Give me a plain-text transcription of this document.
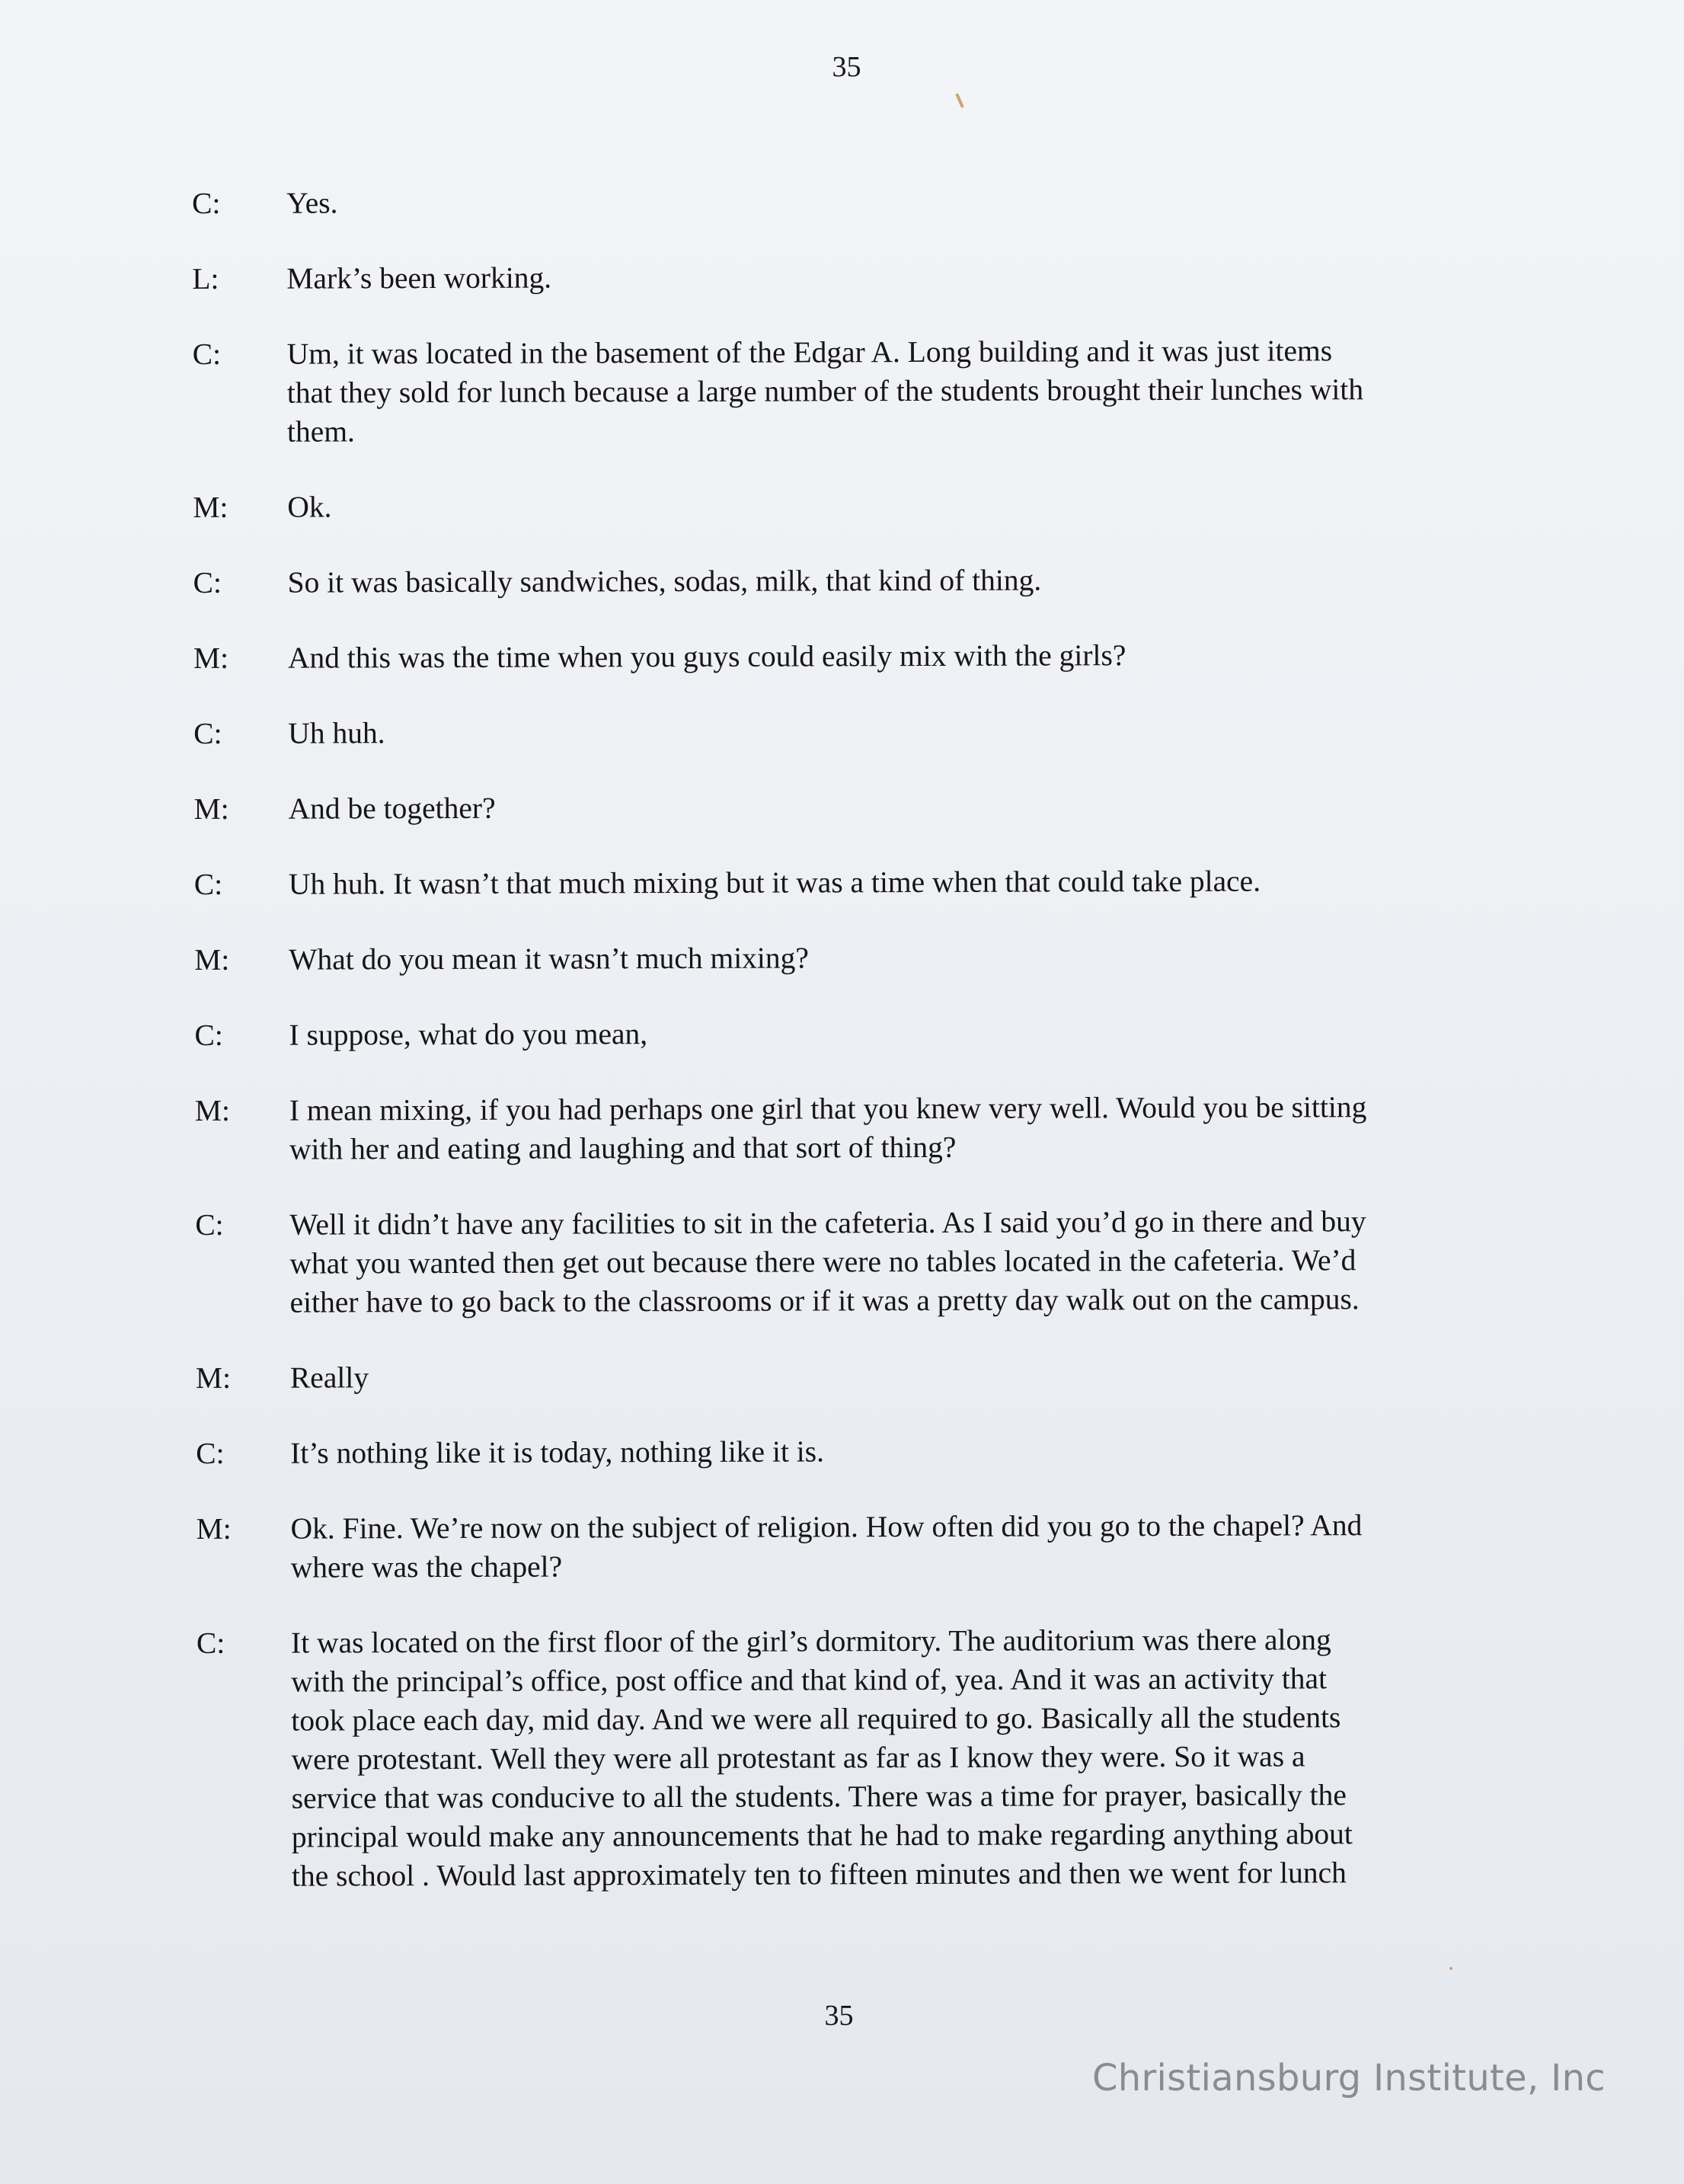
35
C:	Yes.
L:	Mark’s been working.
C:	Um, it was located in the basement of the Edgar A. Long building and it was just items
that they sold for lunch because a large number of the students brought their lunches with
them.
M:	Ok.
C:	So it was basically sandwiches, sodas, milk, that kind of thing.
M:	And this was the time when you guys could easily mix with the girls?
C:	Uh huh.
M:	And be together?
C:	Uh huh. It wasn’t that much mixing but it was a time when that could take place.
M:	What do you mean it wasn’t much mixing?
C:	I suppose, what do you mean,
M:	I mean mixing, if you had perhaps one girl that you knew very well. Would you be sitting
with her and eating and laughing and that sort of thing?
C:	Well it didn’t have any facilities to sit in the cafeteria. As I said you’d go in there and buy
what you wanted then get out because there were no tables located in the cafeteria. We’d
either have to go back to the classrooms or if it was a pretty day walk out on the campus.
M:	Really
C:	It’s nothing like it is today, nothing like it is.
M:	Ok. Fine. We’re now on the subject of religion. How often did you go to the chapel? And
where was the chapel?
C:	It was located on the first floor of the girl’s dormitory. The auditorium was there along
with the principal’s office, post office and that kind of, yea. And it was an activity that
took place each day, mid day. And we were all required to go. Basically all the students
were protestant. Well they were all protestant as far as I know they were. So it was a
service that was conducive to all the students. There was a time for prayer, basically the
principal would make any announcements that he had to make regarding anything about
the school . Would last approximately ten to fifteen minutes and then we went for lunch
35
Christiansburg Institute, Inc
